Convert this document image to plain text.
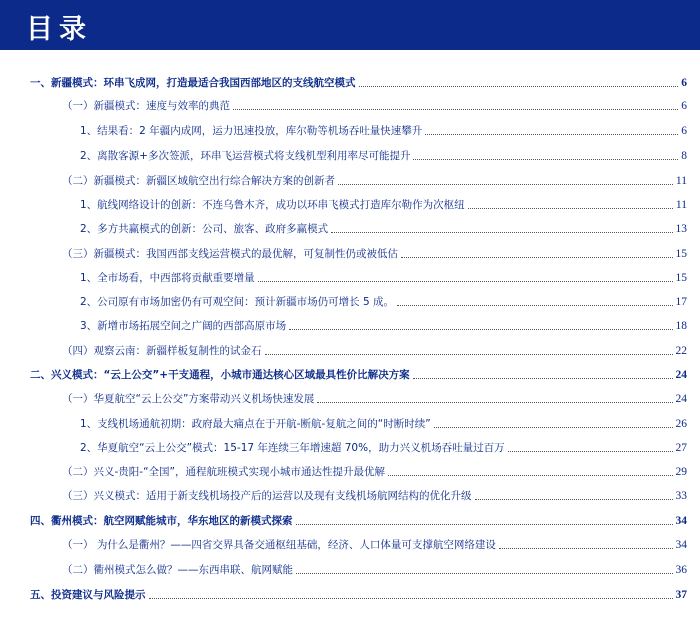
目录
一、新疆模式：环串飞成网，打造最适合我国西部地区的支线航空模式	6
（一）新疆模式：速度与效率的典范	6
1、结果看：2 年疆内成网，运力迅速投放，库尔勒等机场吞吐量快速攀升	6
2、离散客源+多次签派，环串飞运营模式将支线机型利用率尽可能提升	8
（二）新疆模式：新疆区域航空出行综合解决方案的创新者	11
1、航线网络设计的创新：不连乌鲁木齐，成功以环串飞模式打造库尔勒作为次枢纽	11
2、多方共赢模式的创新：公司、旅客、政府多赢模式	13
（三）新疆模式：我国西部支线运营模式的最优解，可复制性仍或被低估	15
1、全市场看，中西部将贡献重要增量	15
2、公司原有市场加密仍有可观空间：预计新疆市场仍可增长 5 成。	17
3、新增市场拓展空间之广阔的西部高原市场	18
（四）观察云南：新疆样板复制性的试金石	22
二、兴义模式：“云上公交”+干支通程，小城市通达核心区域最具性价比解决方案	24
（一）华夏航空“云上公交”方案带动兴义机场快速发展	24
1、支线机场通航初期：政府最大痛点在于开航-断航-复航之间的“时断时续”	26
2、华夏航空“云上公交”模式：15-17 年连续三年增速超 70%，助力兴义机场吞吐量过百万	27
（二）兴义-贵阳-“全国”，通程航班模式实现小城市通达性提升最优解	29
（三）兴义模式：适用于新支线机场投产后的运营以及现有支线机场航网结构的优化升级	33
四、衢州模式：航空网赋能城市，华东地区的新模式探索	34
（一） 为什么是衢州？——四省交界具备交通枢纽基础，经济、人口体量可支撑航空网络建设	34
（二）衢州模式怎么做？——东西串联、航网赋能	36
五、投资建议与风险提示	37
